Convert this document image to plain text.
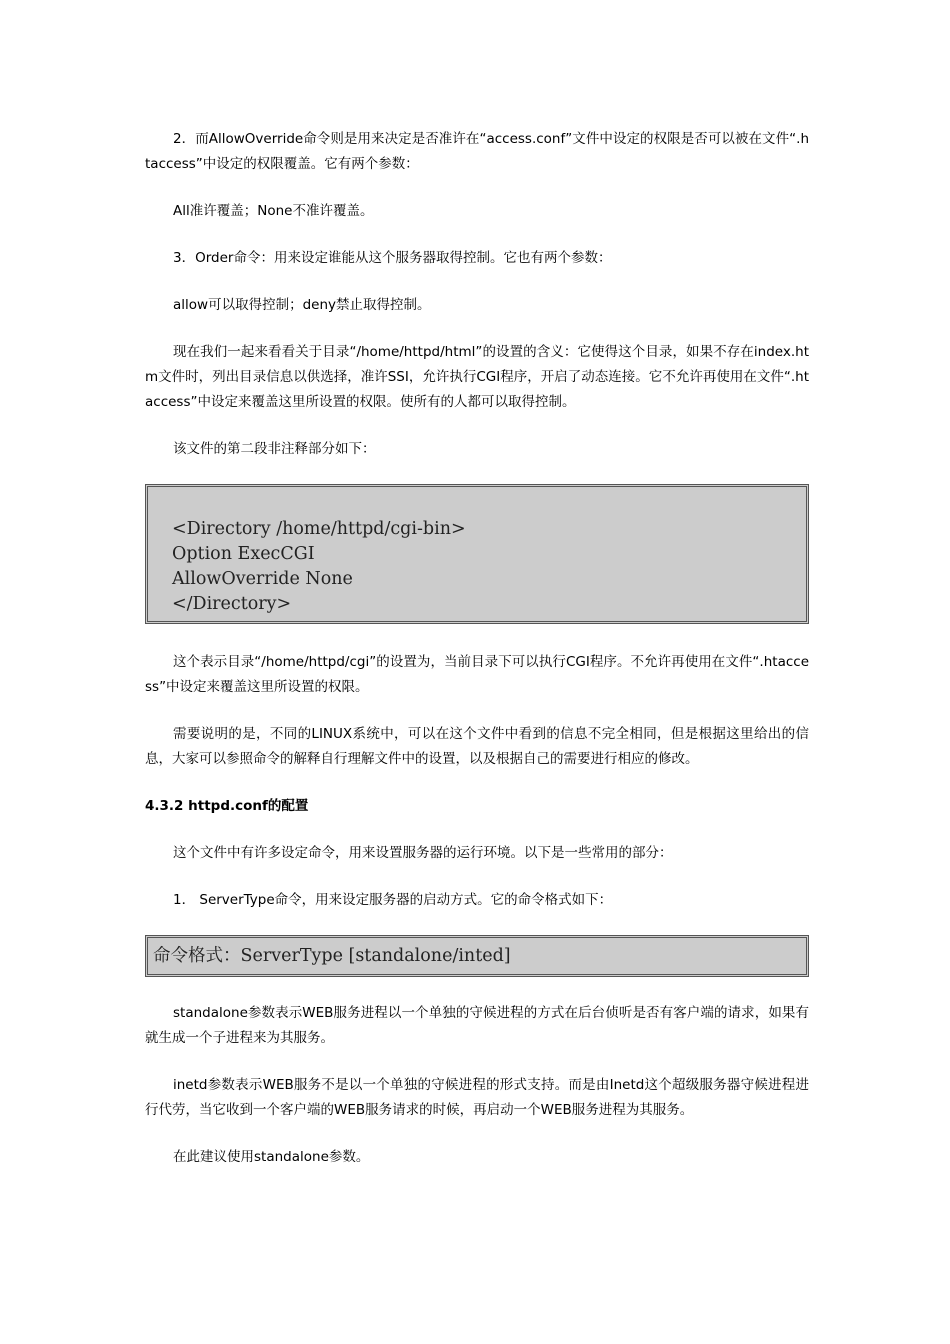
2．而AllowOverride命令则是用来决定是否准许在“access.conf”文件中设定的权限是否可以被在文件“.htaccess”中设定的权限覆盖。它有两个参数：

All准许覆盖；None不准许覆盖。

3．Order命令：用来设定谁能从这个服务器取得控制。它也有两个参数：

allow可以取得控制；deny禁止取得控制。

现在我们一起来看看关于目录“/home/httpd/html”的设置的含义：它使得这个目录，如果不存在index.htm文件时，列出目录信息以供选择，准许SSI，允许执行CGI程序，开启了动态连接。它不允许再使用在文件“.htaccess”中设定来覆盖这里所设置的权限。使所有的人都可以取得控制。

该文件的第二段非注释部分如下：

<Directory /home/httpd/cgi-bin>
Option ExecCGI
AllowOverride None
</Directory>

这个表示目录“/home/httpd/cgi”的设置为，当前目录下可以执行CGI程序。不允许再使用在文件“.htaccess”中设定来覆盖这里所设置的权限。

需要说明的是，不同的LINUX系统中，可以在这个文件中看到的信息不完全相同，但是根据这里给出的信息，大家可以参照命令的解释自行理解文件中的设置，以及根据自己的需要进行相应的修改。

4.3.2 httpd.conf的配置

这个文件中有许多设定命令，用来设置服务器的运行环境。以下是一些常用的部分：

1． ServerType命令，用来设定服务器的启动方式。它的命令格式如下：

命令格式：ServerType [standalone/inted]

standalone参数表示WEB服务进程以一个单独的守候进程的方式在后台侦听是否有客户端的请求，如果有就生成一个子进程来为其服务。

inetd参数表示WEB服务不是以一个单独的守候进程的形式支持。而是由Inetd这个超级服务器守候进程进行代劳，当它收到一个客户端的WEB服务请求的时候，再启动一个WEB服务进程为其服务。

在此建议使用standalone参数。
